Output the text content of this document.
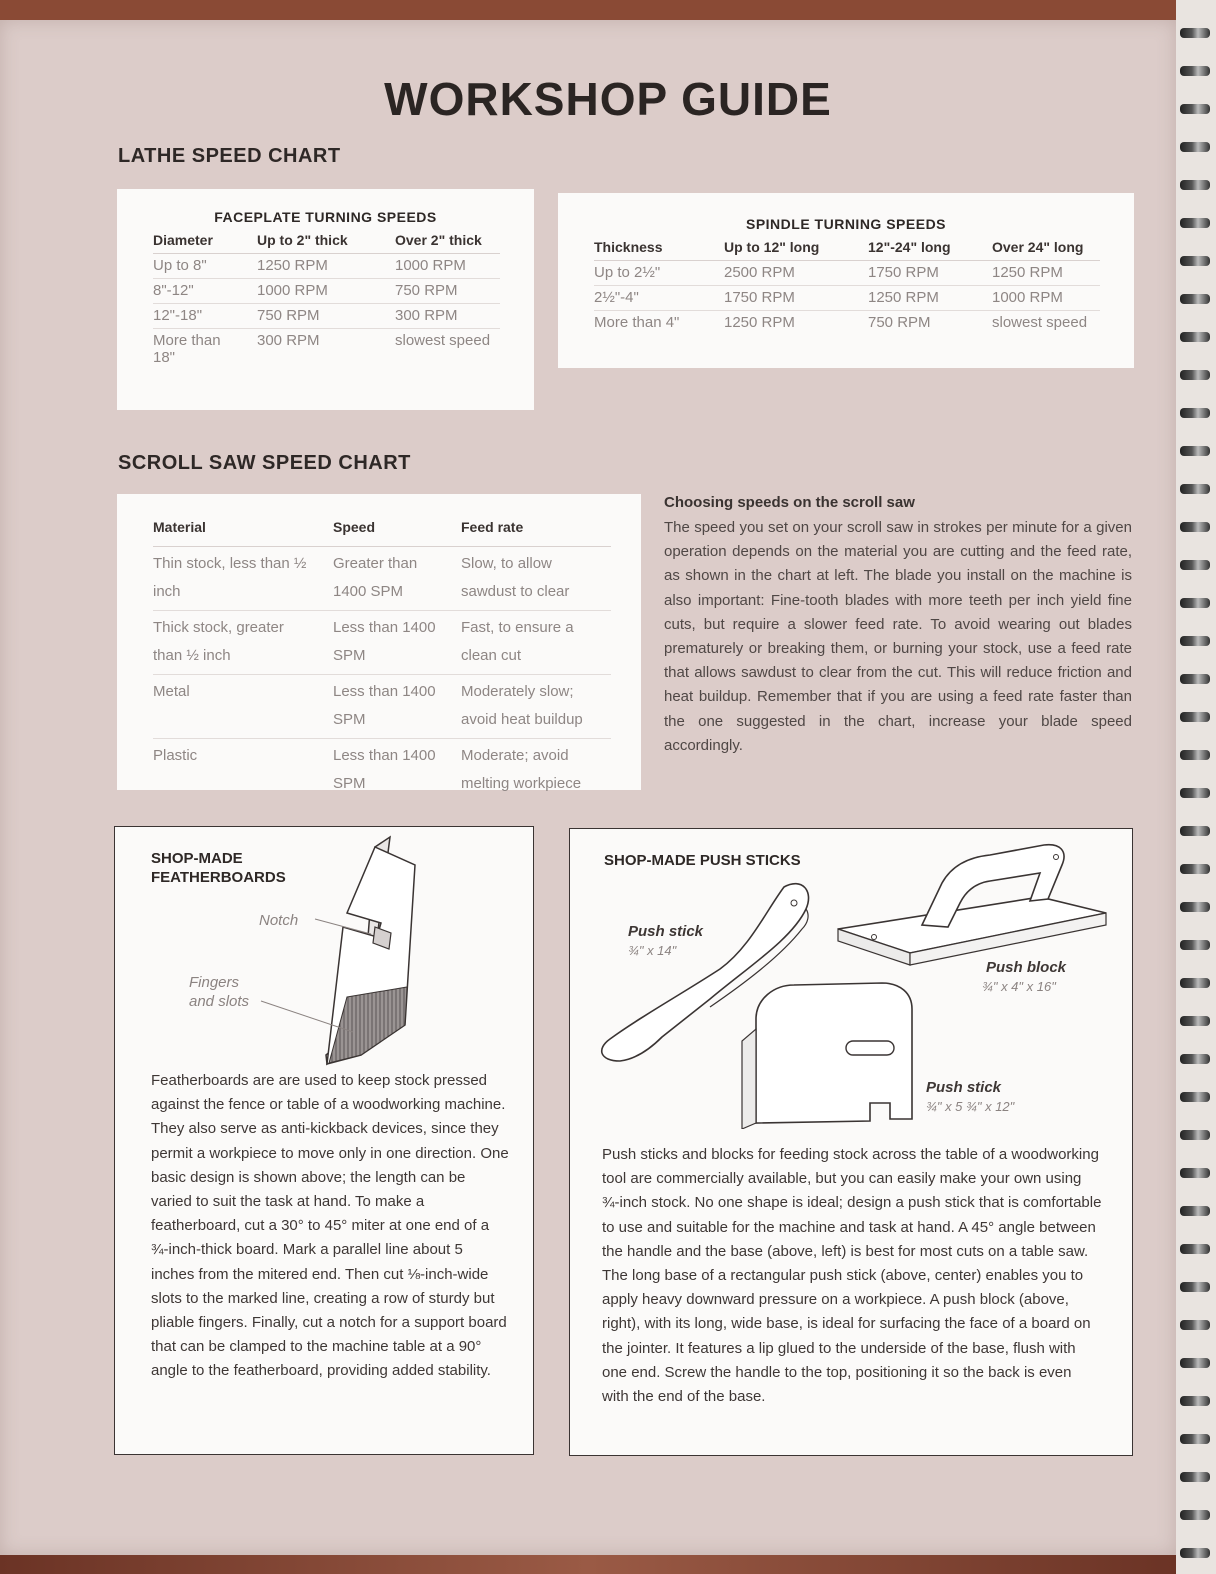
WORKSHOP GUIDE
LATHE SPEED CHART
FACEPLATE TURNING SPEEDS
Diameter	Up to 2" thick	Over 2" thick
Up to 8"	1250 RPM	1000 RPM
8"-12"	1000 RPM	750 RPM
12"-18"	750 RPM	300 RPM
More than 18"	300 RPM	slowest speed
SPINDLE TURNING SPEEDS
Thickness	Up to 12" long	12"-24" long	Over 24" long
Up to 2½"	2500 RPM	1750 RPM	1250 RPM
2½"-4"	1750 RPM	1250 RPM	1000 RPM
More than 4"	1250 RPM	750 RPM	slowest speed
SCROLL SAW SPEED CHART
Material	Speed	Feed rate
Thin stock, less than ½ inch	Greater than 1400 SPM	Slow, to allow sawdust to clear
Thick stock, greater than ½ inch	Less than 1400 SPM	Fast, to ensure a clean cut
Metal	Less than 1400 SPM	Moderately slow; avoid heat buildup
Plastic	Less than 1400 SPM	Moderate; avoid melting workpiece
Choosing speeds on the scroll saw
The speed you set on your scroll saw in strokes per minute for a given operation depends on the material you are cutting and the feed rate, as shown in the chart at left. The blade you install on the machine is also important: Fine-tooth blades with more teeth per inch yield fine cuts, but require a slower feed rate. To avoid wearing out blades prematurely or breaking them, or burning your stock, use a feed rate that allows sawdust to clear from the cut. This will reduce friction and heat buildup. Remember that if you are using a feed rate faster than the one suggested in the chart, increase your blade speed accordingly.
SHOP-MADE
FEATHERBOARDS
Notch
Fingers
and slots
Featherboards are are used to keep stock pressed against the fence or table of a woodworking machine. They also serve as anti-kickback devices, since they permit a workpiece to move only in one direction. One basic design is shown above; the length can be varied to suit the task at hand. To make a featherboard, cut a 30° to 45° miter at one end of a ¾-inch-thick board. Mark a parallel line about 5 inches from the mitered end. Then cut ⅛-inch-wide slots to the marked line, creating a row of sturdy but pliable fingers. Finally, cut a notch for a support board that can be clamped to the machine table at a 90° angle to the featherboard, providing added stability.
SHOP-MADE PUSH STICKS
Push stick
¾" x 14"
Push block
¾" x 4" x 16"
Push stick
¾" x 5 ¾" x 12"
Push sticks and blocks for feeding stock across the table of a woodworking tool are commercially available, but you can easily make your own using ¾-inch stock. No one shape is ideal; design a push stick that is comfortable to use and suitable for the machine and task at hand. A 45° angle between the handle and the base (above, left) is best for most cuts on a table saw. The long base of a rectangular push stick (above, center) enables you to apply heavy downward pressure on a workpiece. A push block (above, right), with its long, wide base, is ideal for surfacing the face of a board on the jointer. It features a lip glued to the underside of the base, flush with one end. Screw the handle to the top, positioning it so the back is even with the end of the base.
